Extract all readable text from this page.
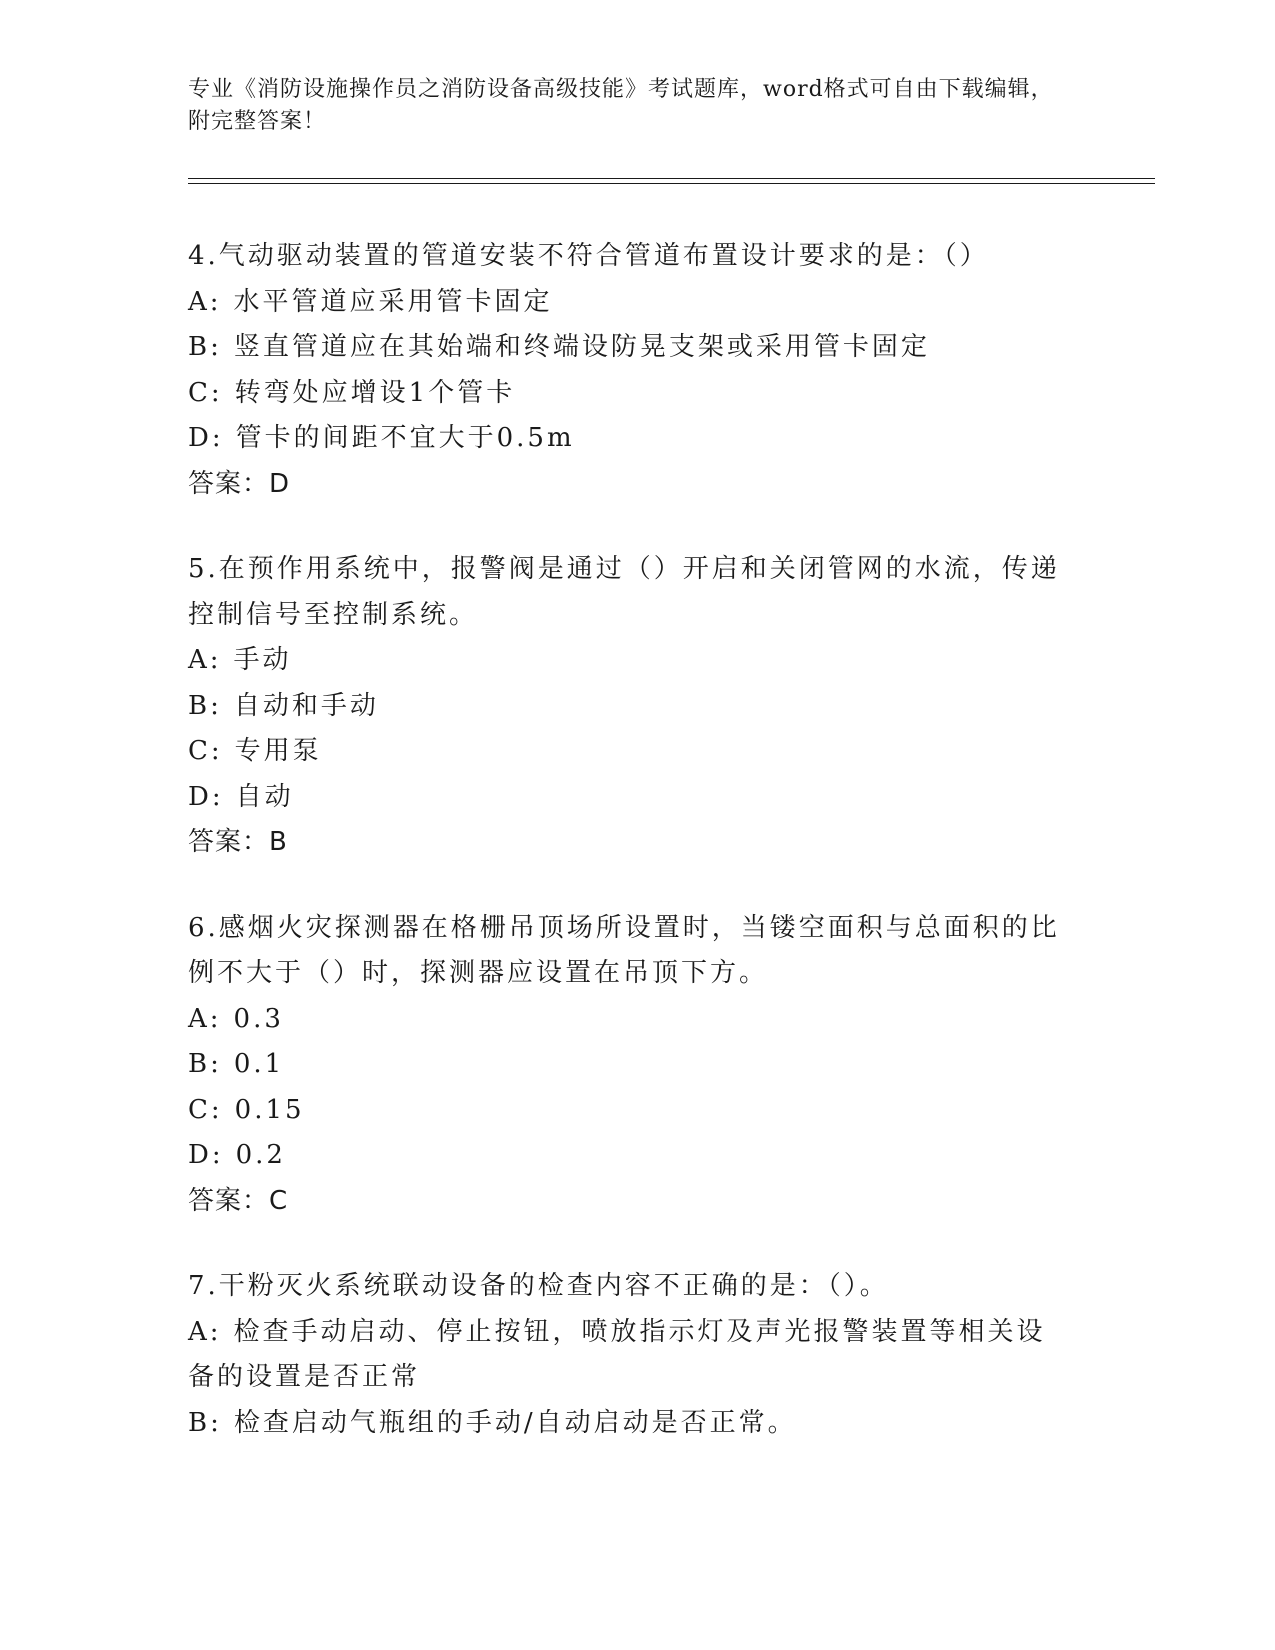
专业《消防设施操作员之消防设备高级技能》考试题库，word格式可自由下载编辑，附完整答案！

4.气动驱动装置的管道安装不符合管道布置设计要求的是：（）

A: 水平管道应采用管卡固定

B: 竖直管道应在其始端和终端设防晃支架或采用管卡固定

C: 转弯处应增设1个管卡

D: 管卡的间距不宜大于0.5m

答案：D

5.在预作用系统中，报警阀是通过（）开启和关闭管网的水流，传递控制信号至控制系统。

A: 手动

B: 自动和手动

C: 专用泵

D: 自动

答案：B

6.感烟火灾探测器在格栅吊顶场所设置时，当镂空面积与总面积的比例不大于（）时，探测器应设置在吊顶下方。

A: 0.3

B: 0.1

C: 0.15

D: 0.2

答案：C

7.干粉灭火系统联动设备的检查内容不正确的是：（）。

A: 检查手动启动、停止按钮，喷放指示灯及声光报警装置等相关设备的设置是否正常

B: 检查启动气瓶组的手动/自动启动是否正常。
